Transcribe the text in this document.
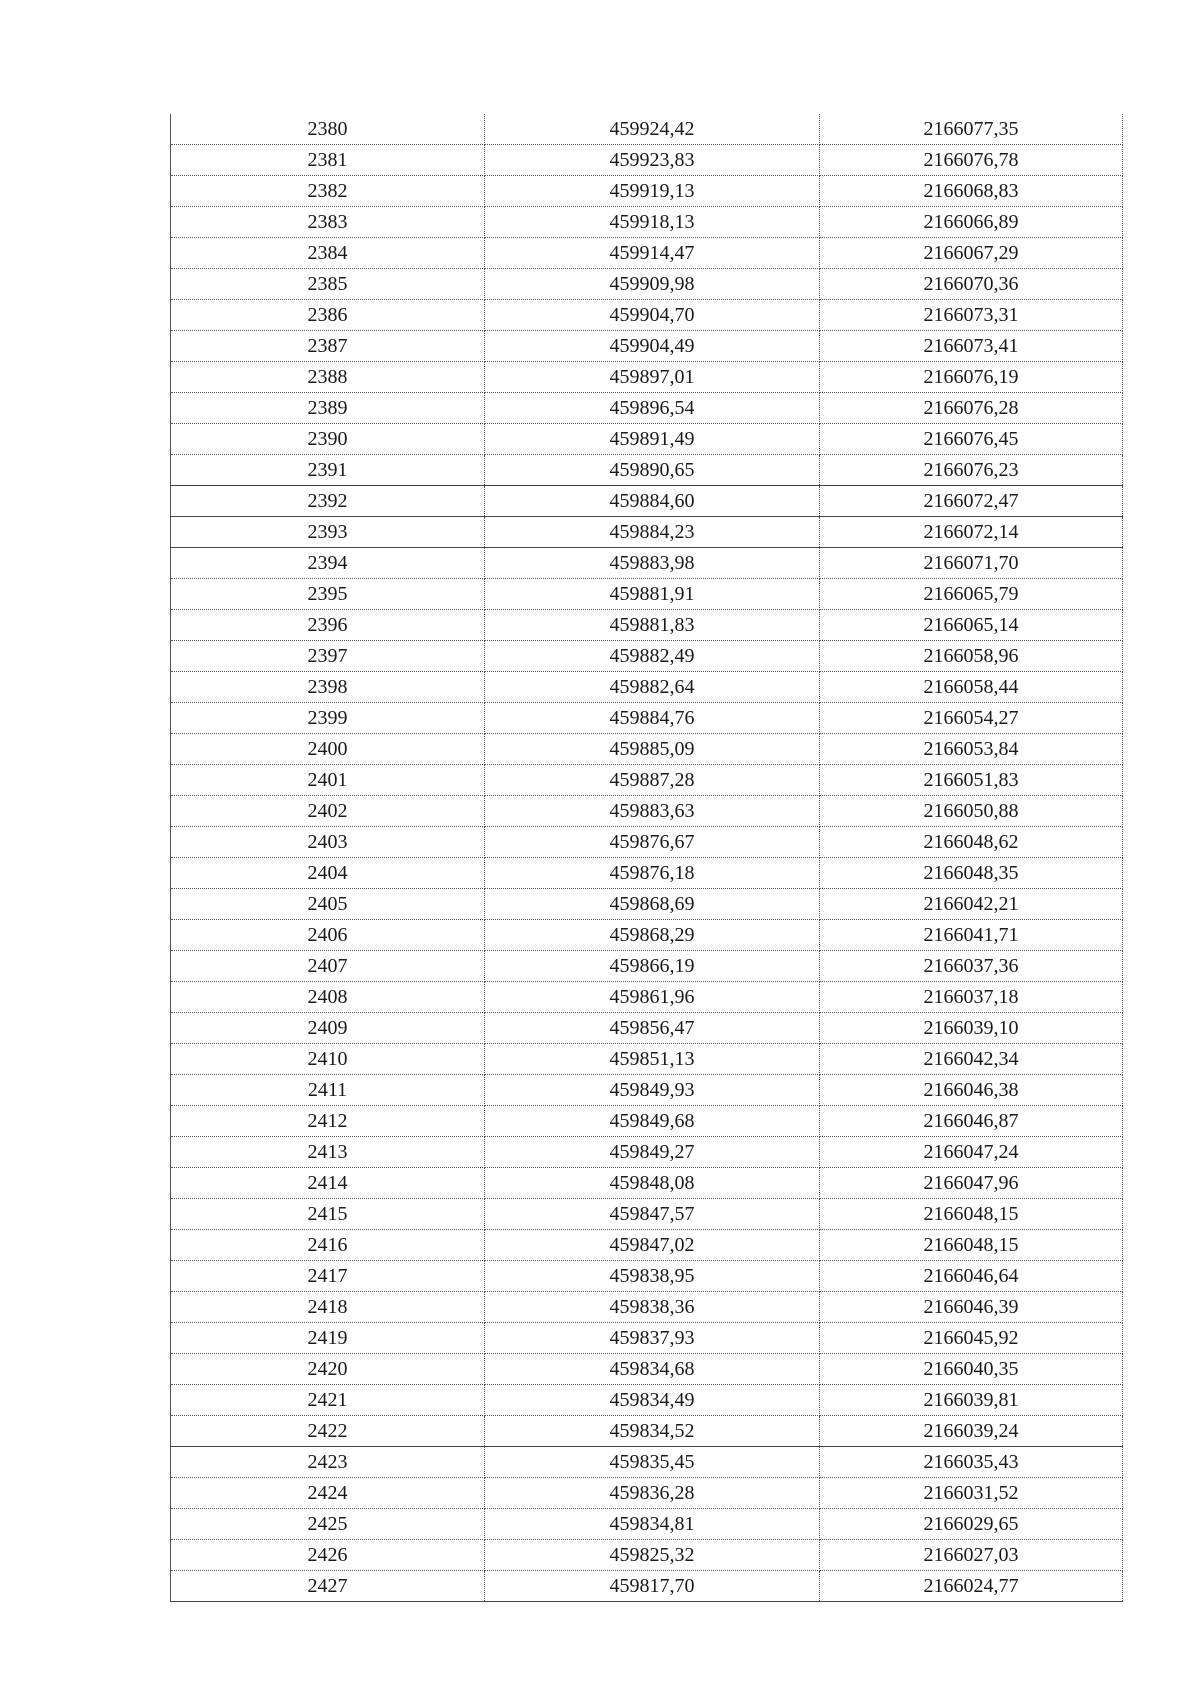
2380	459924,42	2166077,35
2381	459923,83	2166076,78
2382	459919,13	2166068,83
2383	459918,13	2166066,89
2384	459914,47	2166067,29
2385	459909,98	2166070,36
2386	459904,70	2166073,31
2387	459904,49	2166073,41
2388	459897,01	2166076,19
2389	459896,54	2166076,28
2390	459891,49	2166076,45
2391	459890,65	2166076,23
2392	459884,60	2166072,47
2393	459884,23	2166072,14
2394	459883,98	2166071,70
2395	459881,91	2166065,79
2396	459881,83	2166065,14
2397	459882,49	2166058,96
2398	459882,64	2166058,44
2399	459884,76	2166054,27
2400	459885,09	2166053,84
2401	459887,28	2166051,83
2402	459883,63	2166050,88
2403	459876,67	2166048,62
2404	459876,18	2166048,35
2405	459868,69	2166042,21
2406	459868,29	2166041,71
2407	459866,19	2166037,36
2408	459861,96	2166037,18
2409	459856,47	2166039,10
2410	459851,13	2166042,34
2411	459849,93	2166046,38
2412	459849,68	2166046,87
2413	459849,27	2166047,24
2414	459848,08	2166047,96
2415	459847,57	2166048,15
2416	459847,02	2166048,15
2417	459838,95	2166046,64
2418	459838,36	2166046,39
2419	459837,93	2166045,92
2420	459834,68	2166040,35
2421	459834,49	2166039,81
2422	459834,52	2166039,24
2423	459835,45	2166035,43
2424	459836,28	2166031,52
2425	459834,81	2166029,65
2426	459825,32	2166027,03
2427	459817,70	2166024,77
